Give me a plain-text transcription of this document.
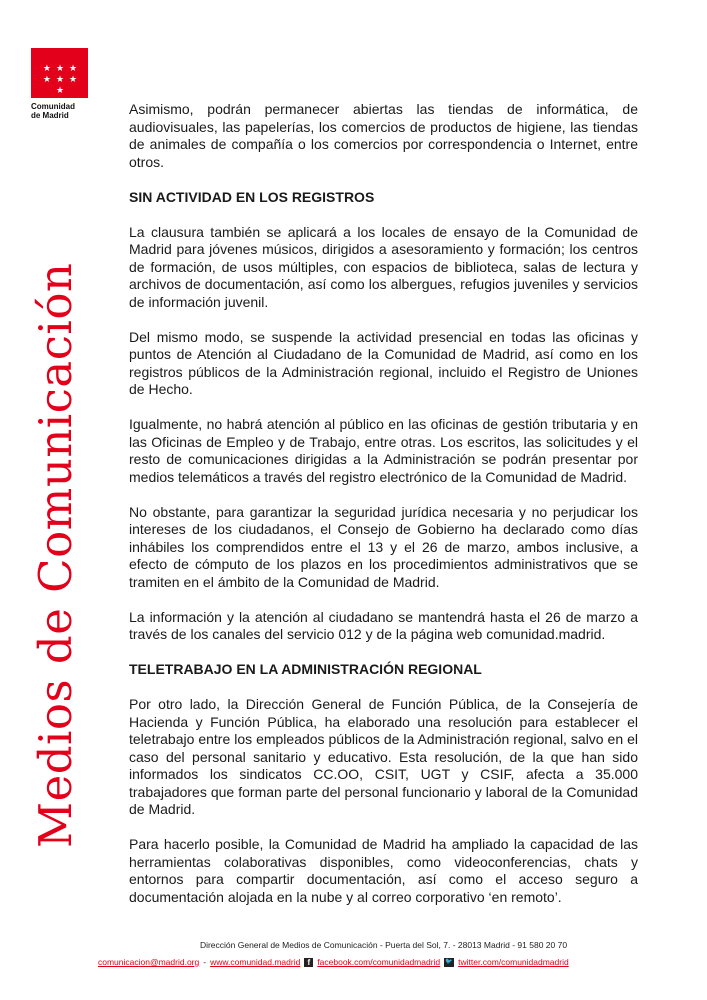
★ ★ ★
★ ★ ★
★
Comunidad
de Madrid
Medios de Comunicación

Asimismo, podrán permanecer abiertas las tiendas de informática, de audiovisuales, las papelerías, los comercios de productos de higiene, las tiendas de animales de compañía o los comercios por correspondencia o Internet, entre otros.

SIN ACTIVIDAD EN LOS REGISTROS

La clausura también se aplicará a los locales de ensayo de la Comunidad de Madrid para jóvenes músicos, dirigidos a asesoramiento y formación; los centros de formación, de usos múltiples, con espacios de biblioteca, salas de lectura y archivos de documentación, así como los albergues, refugios juveniles y servicios de información juvenil.

Del mismo modo, se suspende la actividad presencial en todas las oficinas y puntos de Atención al Ciudadano de la Comunidad de Madrid, así como en los registros públicos de la Administración regional, incluido el Registro de Uniones de Hecho.

Igualmente, no habrá atención al público en las oficinas de gestión tributaria y en las Oficinas de Empleo y de Trabajo, entre otras. Los escritos, las solicitudes y el resto de comunicaciones dirigidas a la Administración se podrán presentar por medios telemáticos a través del registro electrónico de la Comunidad de Madrid.

No obstante, para garantizar la seguridad jurídica necesaria y no perjudicar los intereses de los ciudadanos, el Consejo de Gobierno ha declarado como días inhábiles los comprendidos entre el 13 y el 26 de marzo, ambos inclusive, a efecto de cómputo de los plazos en los procedimientos administrativos que se tramiten en el ámbito de la Comunidad de Madrid.

La información y la atención al ciudadano se mantendrá hasta el 26 de marzo a través de los canales del servicio 012 y de la página web comunidad.madrid.

TELETRABAJO EN LA ADMINISTRACIÓN REGIONAL

Por otro lado, la Dirección General de Función Pública, de la Consejería de Hacienda y Función Pública, ha elaborado una resolución para establecer el teletrabajo entre los empleados públicos de la Administración regional, salvo en el caso del personal sanitario y educativo. Esta resolución, de la que han sido informados los sindicatos CC.OO, CSIT, UGT y CSIF, afecta a 35.000 trabajadores que forman parte del personal funcionario y laboral de la Comunidad de Madrid.

Para hacerlo posible, la Comunidad de Madrid ha ampliado la capacidad de las herramientas colaborativas disponibles, como videoconferencias, chats y entornos para compartir documentación, así como el acceso seguro a documentación alojada en la nube y al correo corporativo ‘en remoto’.

Dirección General de Medios de Comunicación - Puerta del Sol, 7. - 28013 Madrid - 91 580 20 70
comunicacion@madrid.org - www.comunidad.madrid f facebook.com/comunidadmadrid 🐦 twitter.com/comunidadmadrid
